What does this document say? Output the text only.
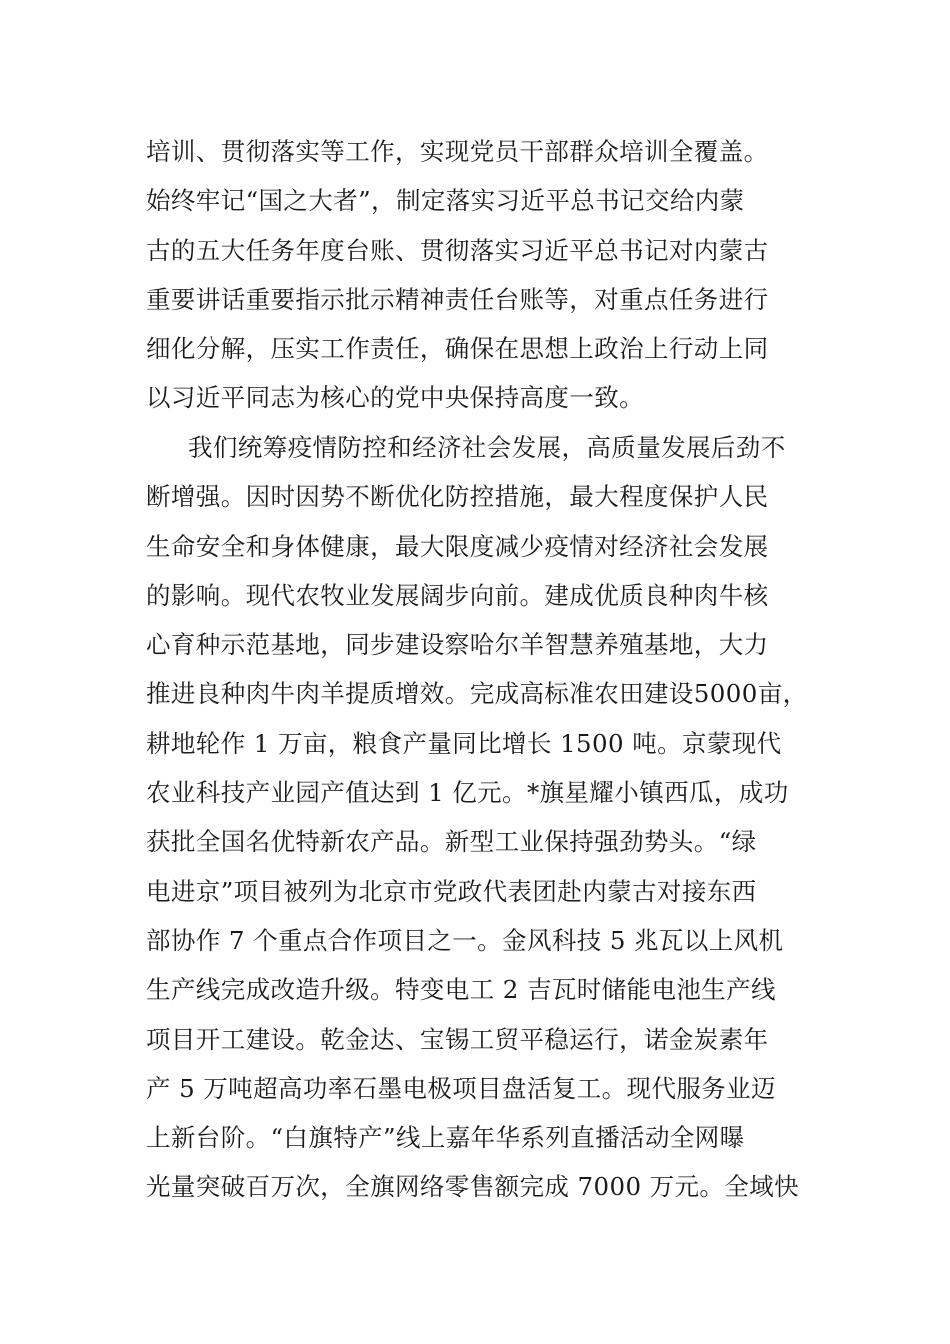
培训、贯彻落实等工作，实现党员干部群众培训全覆盖。
始终牢记“国之大者”，制定落实习近平总书记交给内蒙
古的五大任务年度台账、贯彻落实习近平总书记对内蒙古
重要讲话重要指示批示精神责任台账等，对重点任务进行
细化分解，压实工作责任，确保在思想上政治上行动上同
以习近平同志为核心的党中央保持高度一致。
我们统筹疫情防控和经济社会发展，高质量发展后劲不
断增强。因时因势不断优化防控措施，最大程度保护人民
生命安全和身体健康，最大限度减少疫情对经济社会发展
的影响。现代农牧业发展阔步向前。建成优质良种肉牛核
心育种示范基地，同步建设察哈尔羊智慧养殖基地，大力
推进良种肉牛肉羊提质增效。完成高标准农田建设5000亩，
耕地轮作 1 万亩，粮食产量同比增长 1500 吨。京蒙现代
农业科技产业园产值达到 1 亿元。*旗星耀小镇西瓜，成功
获批全国名优特新农产品。新型工业保持强劲势头。“绿
电进京”项目被列为北京市党政代表团赴内蒙古对接东西
部协作 7 个重点合作项目之一。金风科技 5 兆瓦以上风机
生产线完成改造升级。特变电工 2 吉瓦时储能电池生产线
项目开工建设。乾金达、宝锡工贸平稳运行，诺金炭素年
产 5 万吨超高功率石墨电极项目盘活复工。现代服务业迈
上新台阶。“白旗特产”线上嘉年华系列直播活动全网曝
光量突破百万次，全旗网络零售额完成 7000 万元。全域快
